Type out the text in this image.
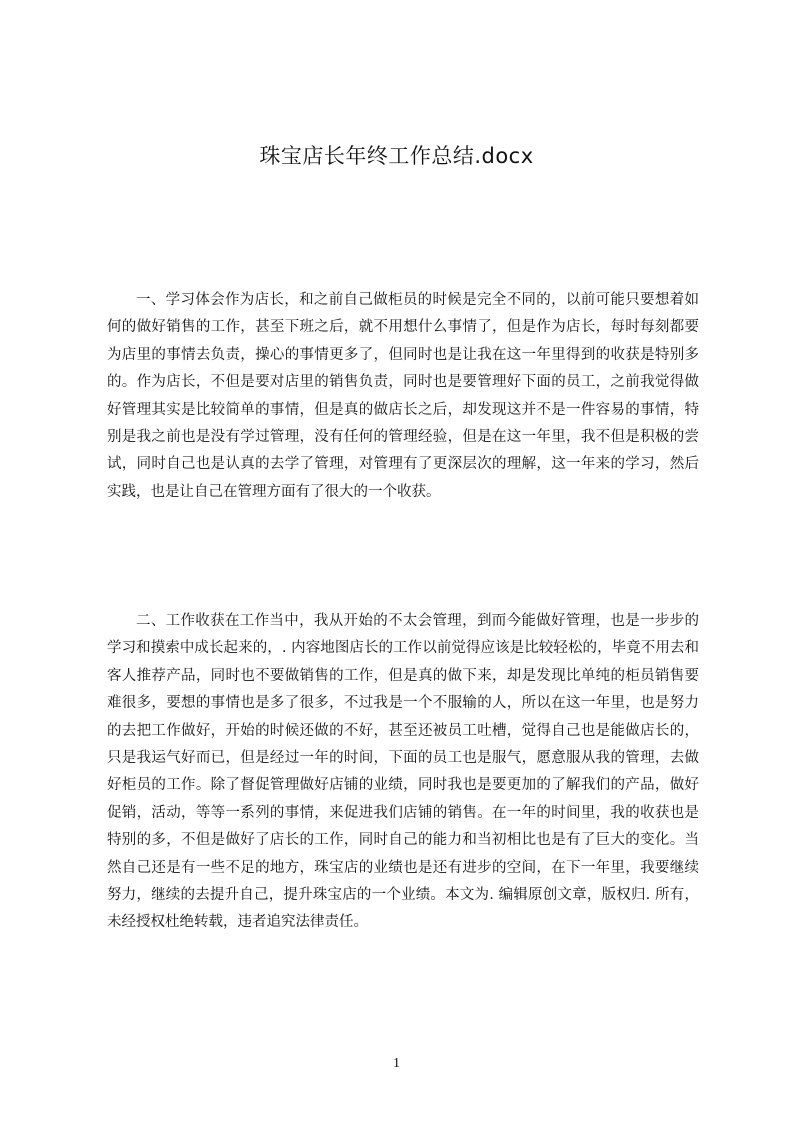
珠宝店长年终工作总结.docx

一、学习体会作为店长，和之前自己做柜员的时候是完全不同的，以前可能只要想着如何的做好销售的工作，甚至下班之后，就不用想什么事情了，但是作为店长，每时每刻都要为店里的事情去负责，操心的事情更多了，但同时也是让我在这一年里得到的收获是特别多的。作为店长，不但是要对店里的销售负责，同时也是要管理好下面的员工，之前我觉得做好管理其实是比较简单的事情，但是真的做店长之后，却发现这并不是一件容易的事情，特别是我之前也是没有学过管理，没有任何的管理经验，但是在这一年里，我不但是积极的尝试，同时自己也是认真的去学了管理，对管理有了更深层次的理解，这一年来的学习，然后实践，也是让自己在管理方面有了很大的一个收获。

二、工作收获在工作当中，我从开始的不太会管理，到而今能做好管理，也是一步步的学习和摸索中成长起来的，. 内容地图店长的工作以前觉得应该是比较轻松的，毕竟不用去和客人推荐产品，同时也不要做销售的工作，但是真的做下来，却是发现比单纯的柜员销售要难很多，要想的事情也是多了很多，不过我是一个不服输的人，所以在这一年里，也是努力的去把工作做好，开始的时候还做的不好，甚至还被员工吐槽，觉得自己也是能做店长的，只是我运气好而已，但是经过一年的时间，下面的员工也是服气，愿意服从我的管理，去做好柜员的工作。除了督促管理做好店铺的业绩，同时我也是要更加的了解我们的产品，做好促销，活动，等等一系列的事情，来促进我们店铺的销售。在一年的时间里，我的收获也是特别的多，不但是做好了店长的工作，同时自己的能力和当初相比也是有了巨大的变化。当然自己还是有一些不足的地方，珠宝店的业绩也是还有进步的空间，在下一年里，我要继续努力，继续的去提升自己，提升珠宝店的一个业绩。本文为. 编辑原创文章，版权归. 所有，未经授权杜绝转载，违者追究法律责任。

1
